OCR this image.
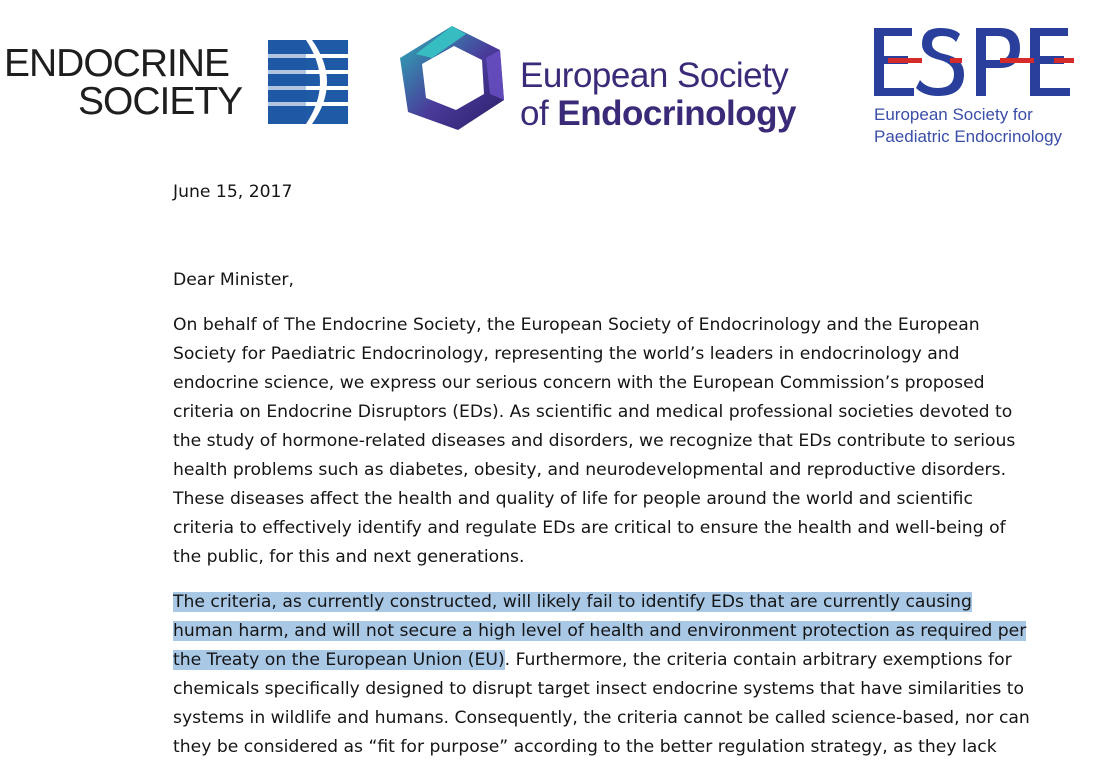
ENDOCRINE
SOCIETY
European Society
of Endocrinology	European Society for
Paediatric Endocrinology

June 15, 2017

Dear Minister,

On behalf of The Endocrine Society, the European Society of Endocrinology and the European
Society for Paediatric Endocrinology, representing the world’s leaders in endocrinology and
endocrine science, we express our serious concern with the European Commission’s proposed
criteria on Endocrine Disruptors (EDs). As scientific and medical professional societies devoted to
the study of hormone-related diseases and disorders, we recognize that EDs contribute to serious
health problems such as diabetes, obesity, and neurodevelopmental and reproductive disorders.
These diseases affect the health and quality of life for people around the world and scientific
criteria to effectively identify and regulate EDs are critical to ensure the health and well-being of
the public, for this and next generations.
The criteria, as currently constructed, will likely fail to identify EDs that are currently causing
human harm, and will not secure a high level of health and environment protection as required per
the Treaty on the European Union (EU). Furthermore, the criteria contain arbitrary exemptions for
chemicals specifically designed to disrupt target insect endocrine systems that have similarities to
systems in wildlife and humans. Consequently, the criteria cannot be called science-based, nor can
they be considered as “fit for purpose” according to the better regulation strategy, as they lack
